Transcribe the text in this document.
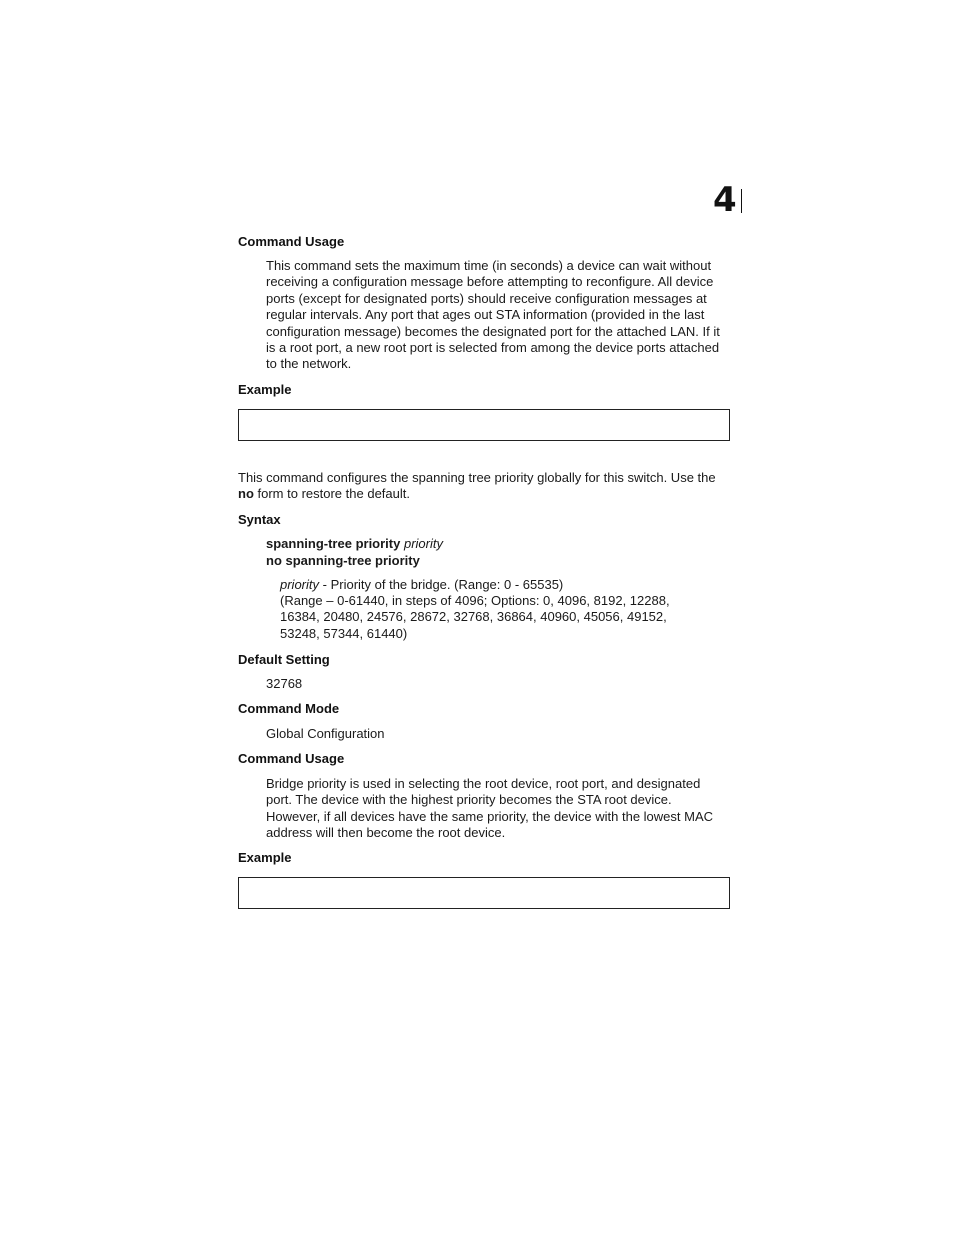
4
Command Usage
This command sets the maximum time (in seconds) a device can wait without receiving a configuration message before attempting to reconfigure. All device ports (except for designated ports) should receive configuration messages at regular intervals. Any port that ages out STA information (provided in the last configuration message) becomes the designated port for the attached LAN. If it is a root port, a new root port is selected from among the device ports attached to the network.
Example
This command configures the spanning tree priority globally for this switch. Use the no form to restore the default.
Syntax
spanning-tree priority priority
no spanning-tree priority
priority - Priority of the bridge. (Range: 0 - 65535)
(Range – 0-61440, in steps of 4096; Options: 0, 4096, 8192, 12288, 16384, 20480, 24576, 28672, 32768, 36864, 40960, 45056, 49152, 53248, 57344, 61440)
Default Setting
32768
Command Mode
Global Configuration
Command Usage
Bridge priority is used in selecting the root device, root port, and designated port. The device with the highest priority becomes the STA root device. However, if all devices have the same priority, the device with the lowest MAC address will then become the root device.
Example
